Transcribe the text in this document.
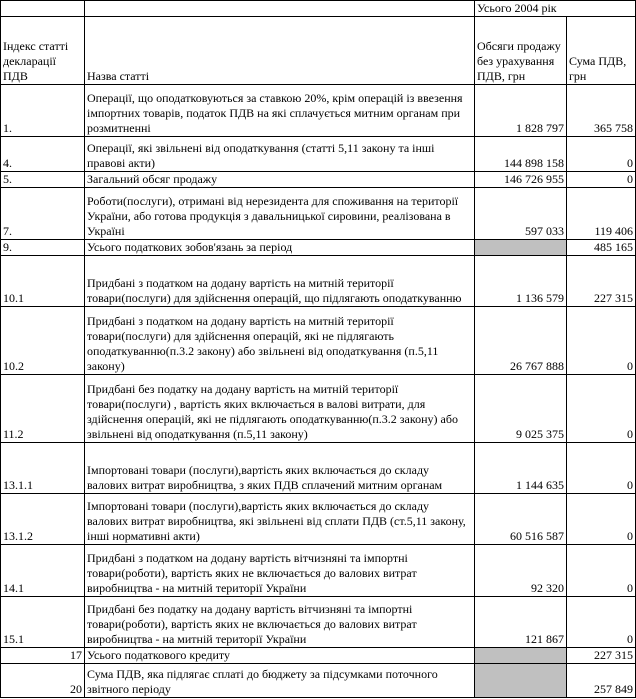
		Усього 2004 рік	
Індекс статті декларації ПДВ	Назва статті	Обсяги продажу без урахування ПДВ, грн	Сума ПДВ, грн
1.	Операції, що оподатковуються за ставкою 20%, крім операцій із ввезення імпортних товарів, податок ПДВ на які сплачується митним органам при розмитненні	1 828 797	365 758
4.	Операції, які звільнені від оподаткування (статті 5,11 закону та інші правові акти)	144 898 158	0
5.	Загальний обсяг продажу	146 726 955	0
7.	Роботи(послуги), отримані від нерезидента для споживання на території України, або готова продукція з давальницької сировини, реалізована в Україні	597 033	119 406
9.	Усього податкових зобов'язань за період		485 165
10.1	Придбані з податком на додану вартість на митній території товари(послуги) для здійснення операцій, що підлягають оподаткуванню	1 136 579	227 315
10.2	Придбані з податком на додану вартість на митній території товари(послуги) для здійснення операцій, які не підлягають оподаткуванню(п.3.2 закону) або звільнені від оподаткування (п.5,11 закону)	26 767 888	0
11.2	Придбані без податку на додану вартість на митній території товари(послуги) , вартість яких включається в валові витрати, для здійснення операцій, які не підлягають оподаткуванню(п.3.2 закону) або звільнені від оподаткування (п.5,11 закону)	9 025 375	0
13.1.1	Імпортовані товари (послуги),вартість яких включається до складу валових витрат виробництва, з яких ПДВ сплачений митним органам	1 144 635	0
13.1.2	Імпортовані товари (послуги),вартість яких включається до складу валових витрат виробництва, які звільнені від сплати ПДВ (ст.5,11 закону, інші нормативні акти)	60 516 587	0
14.1	Придбані з податком на додану вартість вітчизняні та імпортні товари(роботи), вартість яких не включається до валових витрат виробництва - на митній території України	92 320	0
15.1	Придбані без податку на додану вартість вітчизняні та імпортні товари(роботи), вартість яких не включається до валових витрат виробництва - на митній території України	121 867	0
17	Усього податкового кредиту		227 315
20	Сума ПДВ, яка підлягає сплаті до бюджету за підсумками поточного звітного періоду		257 849
